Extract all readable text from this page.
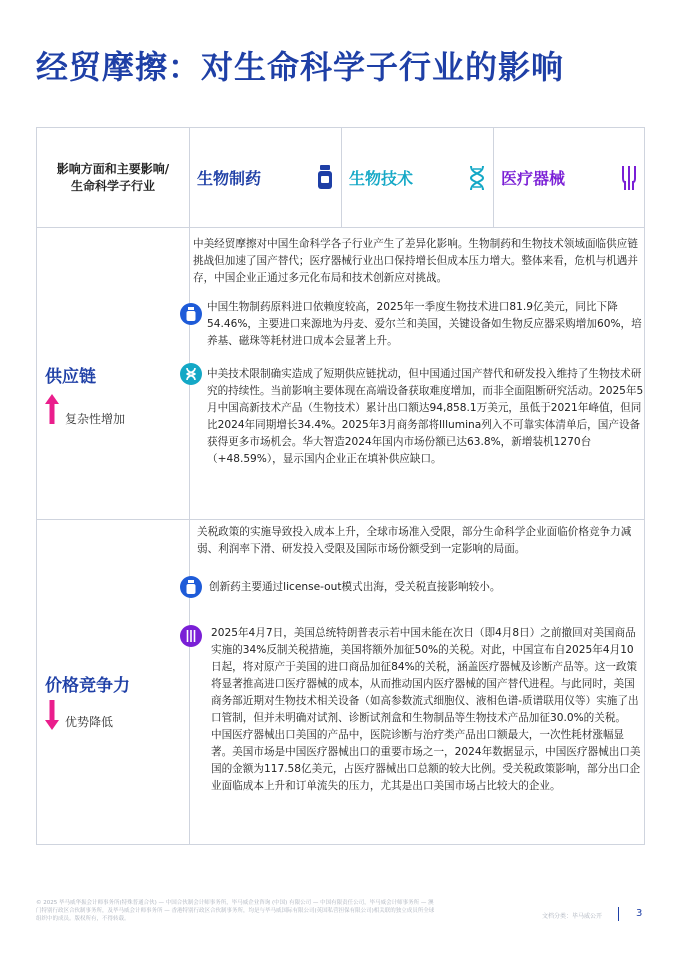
经贸摩擦：对生命科学子行业的影响
影响方面和主要影响/
生命科学子行业	生物制药	生物技术	医疗器械
供应链
复杂性增加
中美经贸摩擦对中国生命科学各子行业产生了差异化影响。生物制药和生物技术领域面临供应链挑战但加速了国产替代；医疗器械行业出口保持增长但成本压力增大。整体来看，危机与机遇并存，中国企业正通过多元化布局和技术创新应对挑战。
中国生物制药原料进口依赖度较高，2025年一季度生物技术进口81.9亿美元，同比下降54.46%，主要进口来源地为丹麦、爱尔兰和美国，关键设备如生物反应器采购增加60%，培养基、磁珠等耗材进口成本会显著上升。
中美技术限制确实造成了短期供应链扰动，但中国通过国产替代和研发投入维持了生物技术研究的持续性。当前影响主要体现在高端设备获取难度增加，而非全面阻断研究活动。2025年5月中国高新技术产品（生物技术）累计出口额达94,858.1万美元，虽低于2021年峰值，但同比2024年同期增长34.4%。2025年3月商务部将Illumina列入不可靠实体清单后，国产设备获得更多市场机会。华大智造2024年国内市场份额已达63.8%，新增装机1270台（+48.59%），显示国内企业正在填补供应缺口。
价格竞争力
优势降低
关税政策的实施导致投入成本上升，全球市场准入受限，部分生命科学企业面临价格竞争力减弱、利润率下滑、研发投入受限及国际市场份额受到一定影响的局面。
创新药主要通过license-out模式出海，受关税直接影响较小。
2025年4月7日，美国总统特朗普表示若中国未能在次日（即4月8日）之前撤回对美国商品实施的34%反制关税措施，美国将额外加征50%的关税。对此，中国宣布自2025年4月10日起，将对原产于美国的进口商品加征84%的关税，涵盖医疗器械及诊断产品等。这一政策将显著推高进口医疗器械的成本，从而推动国内医疗器械的国产替代进程。与此同时，美国商务部近期对生物技术相关设备（如高参数流式细胞仪、液相色谱-质谱联用仪等）实施了出口管制，但并未明确对试剂、诊断试剂盒和生物制品等生物技术产品加征30.0%的关税。
中国医疗器械出口美国的产品中，医院诊断与治疗类产品出口额最大，一次性耗材涨幅显著。美国市场是中国医疗器械出口的重要市场之一，2024年数据显示，中国医疗器械出口美国的金额为117.58亿美元，占医疗器械出口总额的较大比例。受关税政策影响，部分出口企业面临成本上升和订单流失的压力，尤其是出口美国市场占比较大的企业。
© 2025 毕马威华振会计师事务所(特殊普通合伙) — 中国合伙制会计师事务所，毕马威企业咨询 (中国) 有限公司 — 中国有限责任公司，毕马威会计师事务所 — 澳门特别行政区合伙制事务所，及毕马威会计师事务所 — 香港特别行政区合伙制事务所，均是与毕马威国际有限公司(英国私营担保有限公司)相关联的独立成员所全球组织中的成员。版权所有，不得转载。	文档分类：毕马威公开	3
